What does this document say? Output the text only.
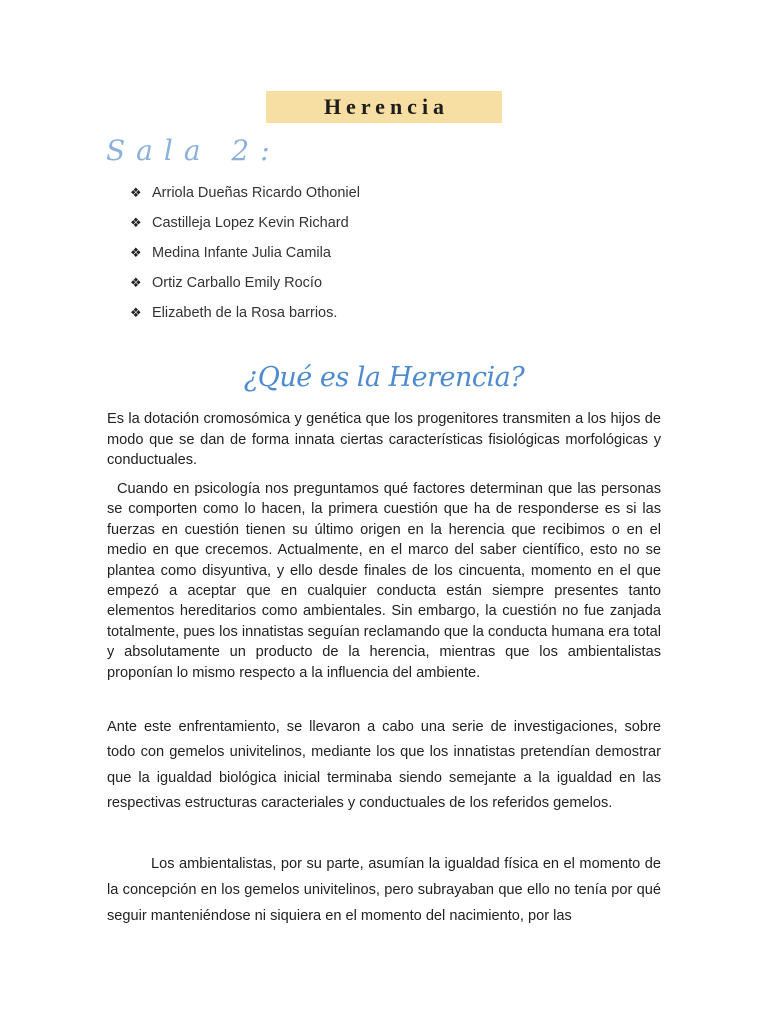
Herencia
Sala 2:
❖ Arriola Dueñas Ricardo Othoniel
❖ Castilleja Lopez Kevin Richard
❖ Medina Infante Julia Camila
❖ Ortiz Carballo Emily Rocío
❖ Elizabeth de la Rosa barrios.
¿Qué es la Herencia?

Es la dotación cromosómica y genética que los progenitores transmiten a los hijos de modo que se dan de forma innata ciertas características fisiológicas morfológicas y conductuales.

Cuando en psicología nos preguntamos qué factores determinan que las personas se comporten como lo hacen, la primera cuestión que ha de responderse es si las fuerzas en cuestión tienen su último origen en la herencia que recibimos o en el medio en que crecemos. Actualmente, en el marco del saber científico, esto no se plantea como disyuntiva, y ello desde finales de los cincuenta, momento en el que empezó a aceptar que en cualquier conducta están siempre presentes tanto elementos hereditarios como ambientales. Sin embargo, la cuestión no fue zanjada totalmente, pues los innatistas seguían reclamando que la conducta humana era total y absolutamente un producto de la herencia, mientras que los ambientalistas proponían lo mismo respecto a la influencia del ambiente.

Ante este enfrentamiento, se llevaron a cabo una serie de investigaciones, sobre todo con gemelos univitelinos, mediante los que los innatistas pretendían demostrar que la igualdad biológica inicial terminaba siendo semejante a la igualdad en las respectivas estructuras caracteriales y conductuales de los referidos gemelos.

Los ambientalistas, por su parte, asumían la igualdad física en el momento de la concepción en los gemelos univitelinos, pero subrayaban que ello no tenía por qué seguir manteniéndose ni siquiera en el momento del nacimiento, por las
